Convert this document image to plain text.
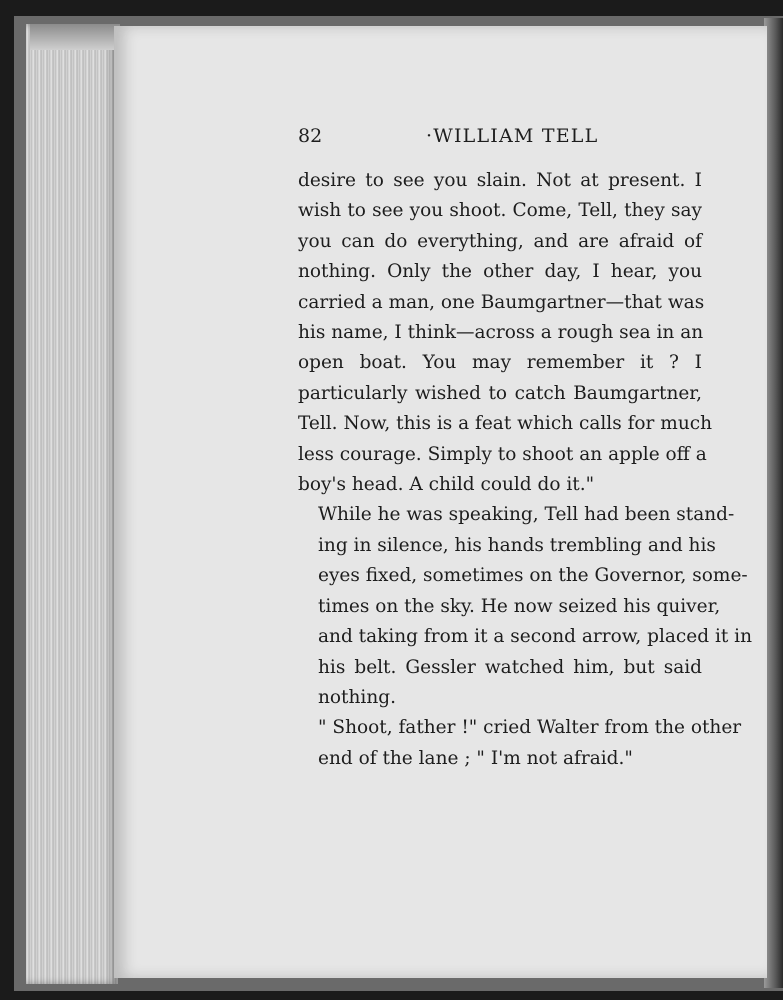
82	·WILLIAM TELL

desire to see you slain. Not at present. I
wish to see you shoot. Come, Tell, they say
you can do everything, and are afraid of
nothing. Only the other day, I hear, you
carried a man, one Baumgartner—that was
his name, I think—across a rough sea in an
open boat. You may remember it ? I
particularly wished to catch Baumgartner,
Tell. Now, this is a feat which calls for much
less courage. Simply to shoot an apple off a
boy's head. A child could do it."

While he was speaking, Tell had been stand-
ing in silence, his hands trembling and his
eyes fixed, sometimes on the Governor, some-
times on the sky. He now seized his quiver,
and taking from it a second arrow, placed it in
his belt. Gessler watched him, but said
nothing.

" Shoot, father !" cried Walter from the other
end of the lane ; " I'm not afraid."
